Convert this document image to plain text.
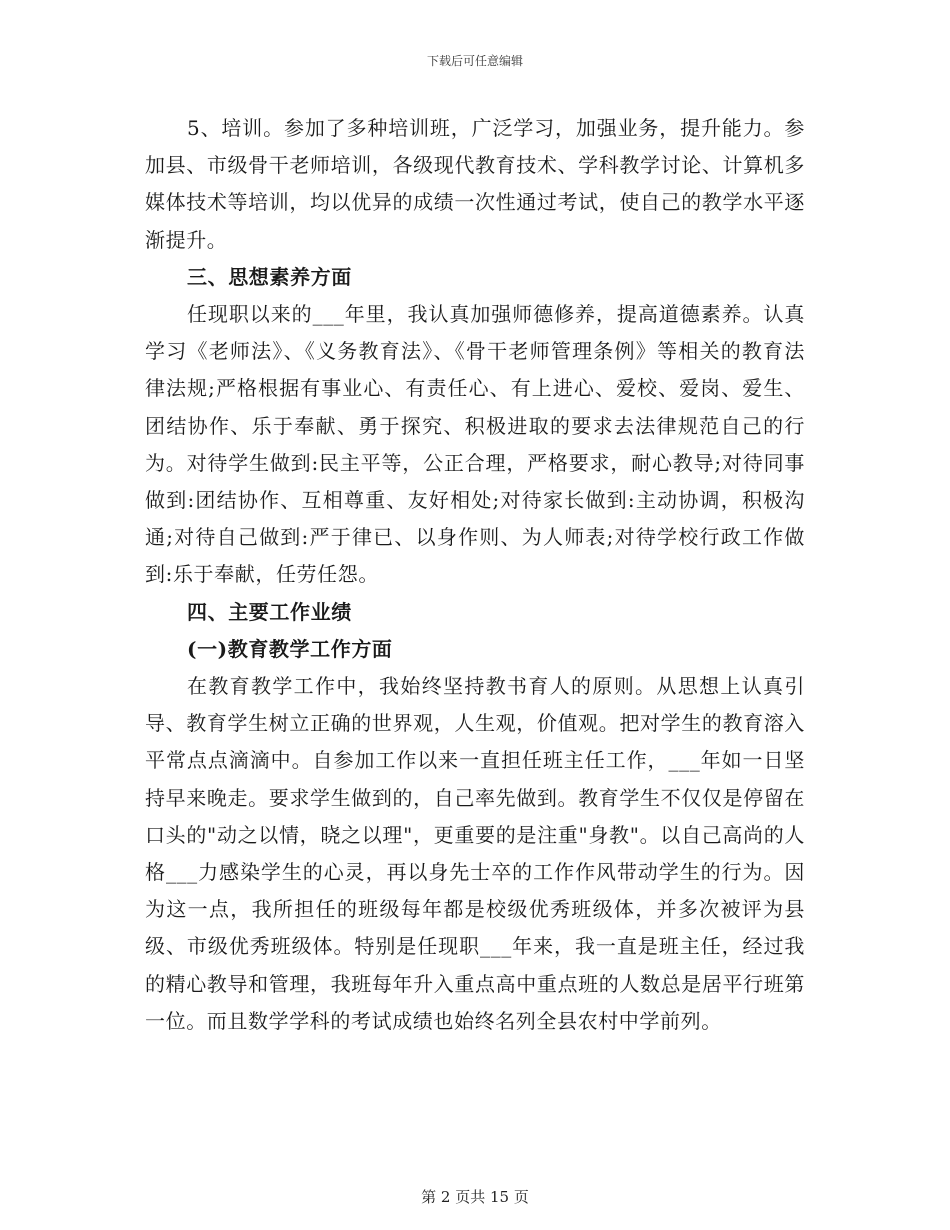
下载后可任意编辑

5、培训。参加了多种培训班，广泛学习，加强业务，提升能力。参加县、市级骨干老师培训，各级现代教育技术、学科教学讨论、计算机多媒体技术等培训，均以优异的成绩一次性通过考试，使自己的教学水平逐渐提升。

三、思想素养方面

任现职以来的___年里，我认真加强师德修养，提高道德素养。认真学习《老师法》、《义务教育法》、《骨干老师管理条例》等相关的教育法律法规;严格根据有事业心、有责任心、有上进心、爱校、爱岗、爱生、团结协作、乐于奉献、勇于探究、积极进取的要求去法律规范自己的行为。对待学生做到:民主平等，公正合理，严格要求，耐心教导;对待同事做到:团结协作、互相尊重、友好相处;对待家长做到:主动协调，积极沟通;对待自己做到:严于律已、以身作则、为人师表;对待学校行政工作做到:乐于奉献，任劳任怨。

四、主要工作业绩

(一)教育教学工作方面

在教育教学工作中，我始终坚持教书育人的原则。从思想上认真引导、教育学生树立正确的世界观，人生观，价值观。把对学生的教育溶入平常点点滴滴中。自参加工作以来一直担任班主任工作，___年如一日坚持早来晚走。要求学生做到的，自己率先做到。教育学生不仅仅是停留在口头的"动之以情，晓之以理"，更重要的是注重"身教"。以自己高尚的人格___力感染学生的心灵，再以身先士卒的工作作风带动学生的行为。因为这一点，我所担任的班级每年都是校级优秀班级体，并多次被评为县级、市级优秀班级体。特别是任现职___年来，我一直是班主任，经过我的精心教导和管理，我班每年升入重点高中重点班的人数总是居平行班第一位。而且数学学科的考试成绩也始终名列全县农村中学前列。

第 2 页共 15 页
